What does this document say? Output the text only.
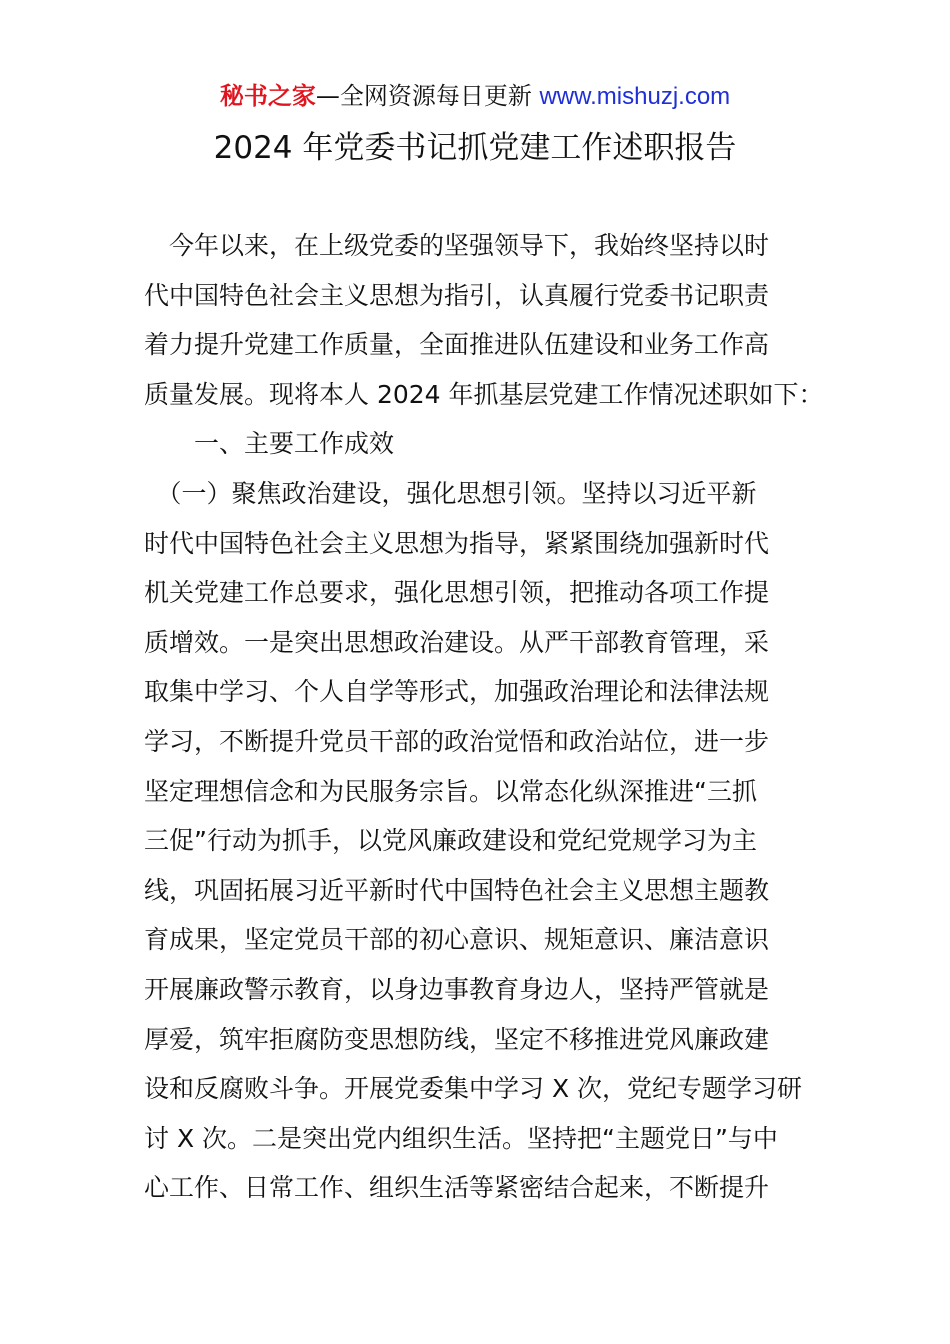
秘书之家—全网资源每日更新 www.mishuzj.com
2024 年党委书记抓党建工作述职报告
　今年以来，在上级党委的坚强领导下，我始终坚持以时
代中国特色社会主义思想为指引，认真履行党委书记职责
着力提升党建工作质量，全面推进队伍建设和业务工作高
质量发展。现将本人 2024 年抓基层党建工作情况述职如下：
　　一、主要工作成效
　（一）聚焦政治建设，强化思想引领。坚持以习近平新
时代中国特色社会主义思想为指导，紧紧围绕加强新时代
机关党建工作总要求，强化思想引领，把推动各项工作提
质增效。一是突出思想政治建设。从严干部教育管理，采
取集中学习、个人自学等形式，加强政治理论和法律法规
学习，不断提升党员干部的政治觉悟和政治站位，进一步
坚定理想信念和为民服务宗旨。以常态化纵深推进“三抓
三促”行动为抓手，以党风廉政建设和党纪党规学习为主
线，巩固拓展习近平新时代中国特色社会主义思想主题教
育成果，坚定党员干部的初心意识、规矩意识、廉洁意识
开展廉政警示教育，以身边事教育身边人，坚持严管就是
厚爱，筑牢拒腐防变思想防线，坚定不移推进党风廉政建
设和反腐败斗争。开展党委集中学习 X 次，党纪专题学习研
讨 X 次。二是突出党内组织生活。坚持把“主题党日”与中
心工作、日常工作、组织生活等紧密结合起来，不断提升
